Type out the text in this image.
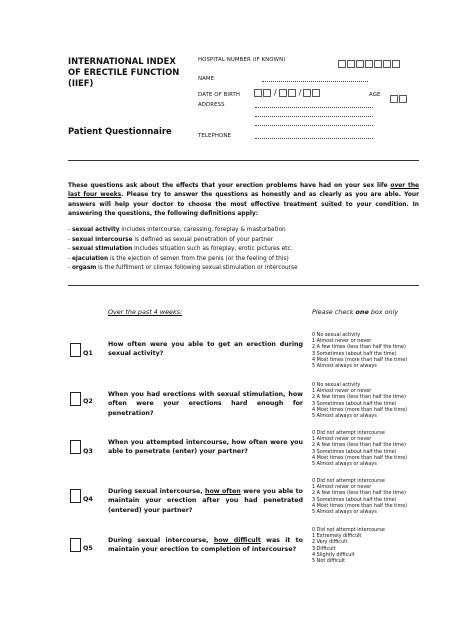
INTERNATIONAL INDEX
OF ERECTILE FUNCTION
(IIEF)
Patient Questionnaire
HOSPITAL NUMBER (IF KNOWN)
NAME
DATE OF BIRTH	/	/	AGE
ADDRESS
TELEPHONE
These questions ask about the effects that your erection problems have had on your sex life over the last four weeks. Please try to answer the questions as honestly and as clearly as you are able. Your answers will help your doctor to choose the most effective treatment suited to your condition. In answering the questions, the following definitions apply:
- sexual activity includes intercourse, caressing, foreplay & masturbation
- sexual intercourse is defined as sexual penetration of your partner
- sexual stimulation includes situation such as foreplay, erotic pictures etc.
- ejaculation is the ejection of semen from the penis (or the feeling of this)
- orgasm is the fulfilment or climax following sexual stimulation or intercourse
Over the past 4 weeks:	Please check one box only
Q1
How often were you able to get an erection during sexual activity?
0 No sexual activity
1 Almost never or never
2 A few times (less than half the time)
3 Sometimes (about half the time)
4 Most times (more than half the time)
5 Almost always or always
Q2
When you had erections with sexual stimulation, how often were your erections hard enough for penetration?
0 No sexual activity
1 Almost never or never
2 A few times (less than half the time)
3 Sometimes (about half the time)
4 Most times (more than half the time)
5 Almost always or always
Q3
When you attempted intercourse, how often were you able to penetrate (enter) your partner?
0 Did not attempt intercourse
1 Almost never or never
2 A few times (less than half the time)
3 Sometimes (about half the time)
4 Most times (more than half the time)
5 Almost always or always
Q4
During sexual intercourse, how often were you able to maintain your erection after you had penetrated (entered) your partner?
0 Did not attempt intercourse
1 Almost never or never
2 A few times (less than half the time)
3 Sometimes (about half the time)
4 Most times (more than half the time)
5 Almost always or always
Q5
During sexual intercourse, how difficult was it to maintain your erection to completion of intercourse?
0 Did not attempt intercourse
1 Extremely difficult
2 Very difficult
3 Difficult
4 Slightly difficult
5 Not difficult
